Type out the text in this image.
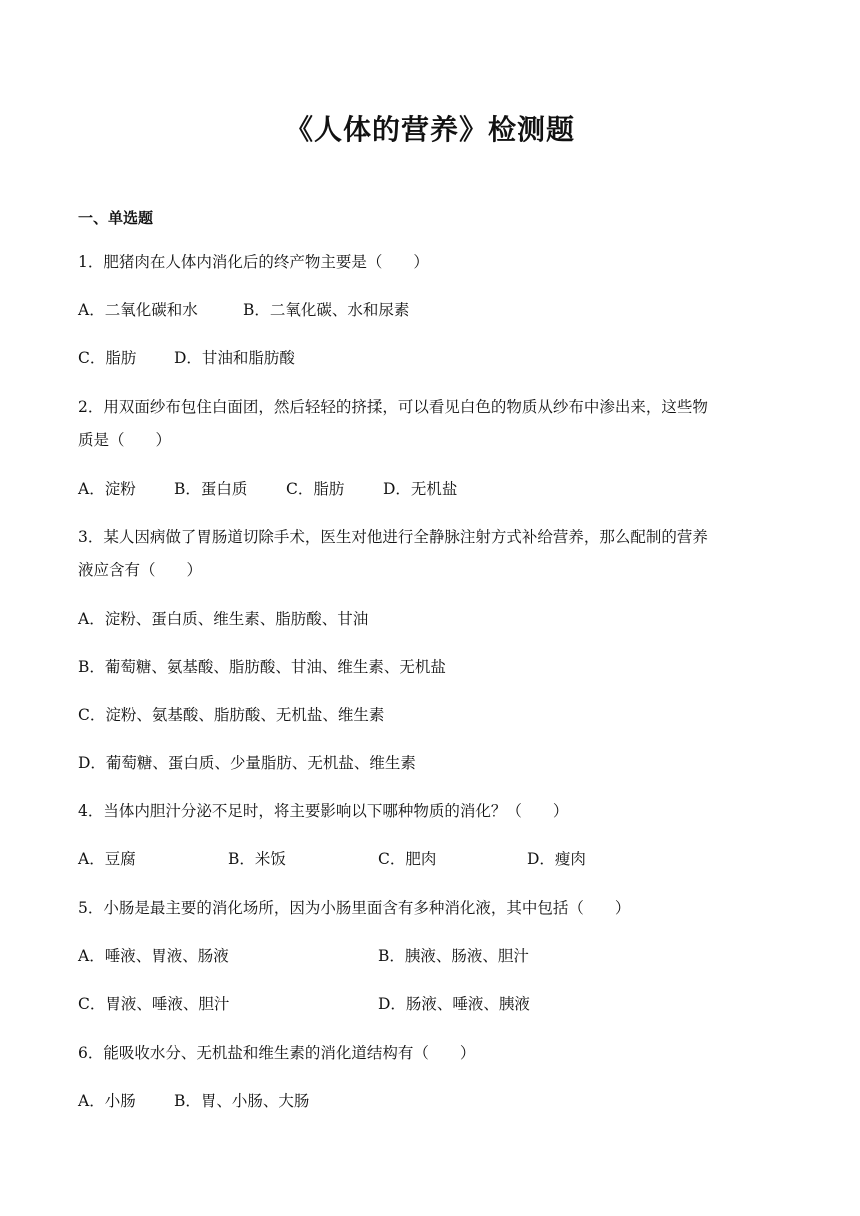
《人体的营养》检测题
一、单选题
1．肥猪肉在人体内消化后的终产物主要是（　　）
A．二氧化碳和水	B．二氧化碳、水和尿素
C．脂肪 D．甘油和脂肪酸
2．用双面纱布包住白面团，然后轻轻的挤揉，可以看见白色的物质从纱布中渗出来，这些物
质是（　　）
A．淀粉 B．蛋白质 C．脂肪 D．无机盐
3．某人因病做了胃肠道切除手术，医生对他进行全静脉注射方式补给营养，那么配制的营养
液应含有（　　）
A．淀粉、蛋白质、维生素、脂肪酸、甘油
B．葡萄糖、氨基酸、脂肪酸、甘油、维生素、无机盐
C．淀粉、氨基酸、脂肪酸、无机盐、维生素
D．葡萄糖、蛋白质、少量脂肪、无机盐、维生素
4．当体内胆汁分泌不足时，将主要影响以下哪种物质的消化？（　　）
A．豆腐	B．米饭	C．肥肉	D．瘦肉
5．小肠是最主要的消化场所，因为小肠里面含有多种消化液，其中包括（　　）
A．唾液、胃液、肠液	B．胰液、肠液、胆汁
C．胃液、唾液、胆汁	D．肠液、唾液、胰液
6．能吸收水分、无机盐和维生素的消化道结构有（　　）
A．小肠 B．胃、小肠、大肠
